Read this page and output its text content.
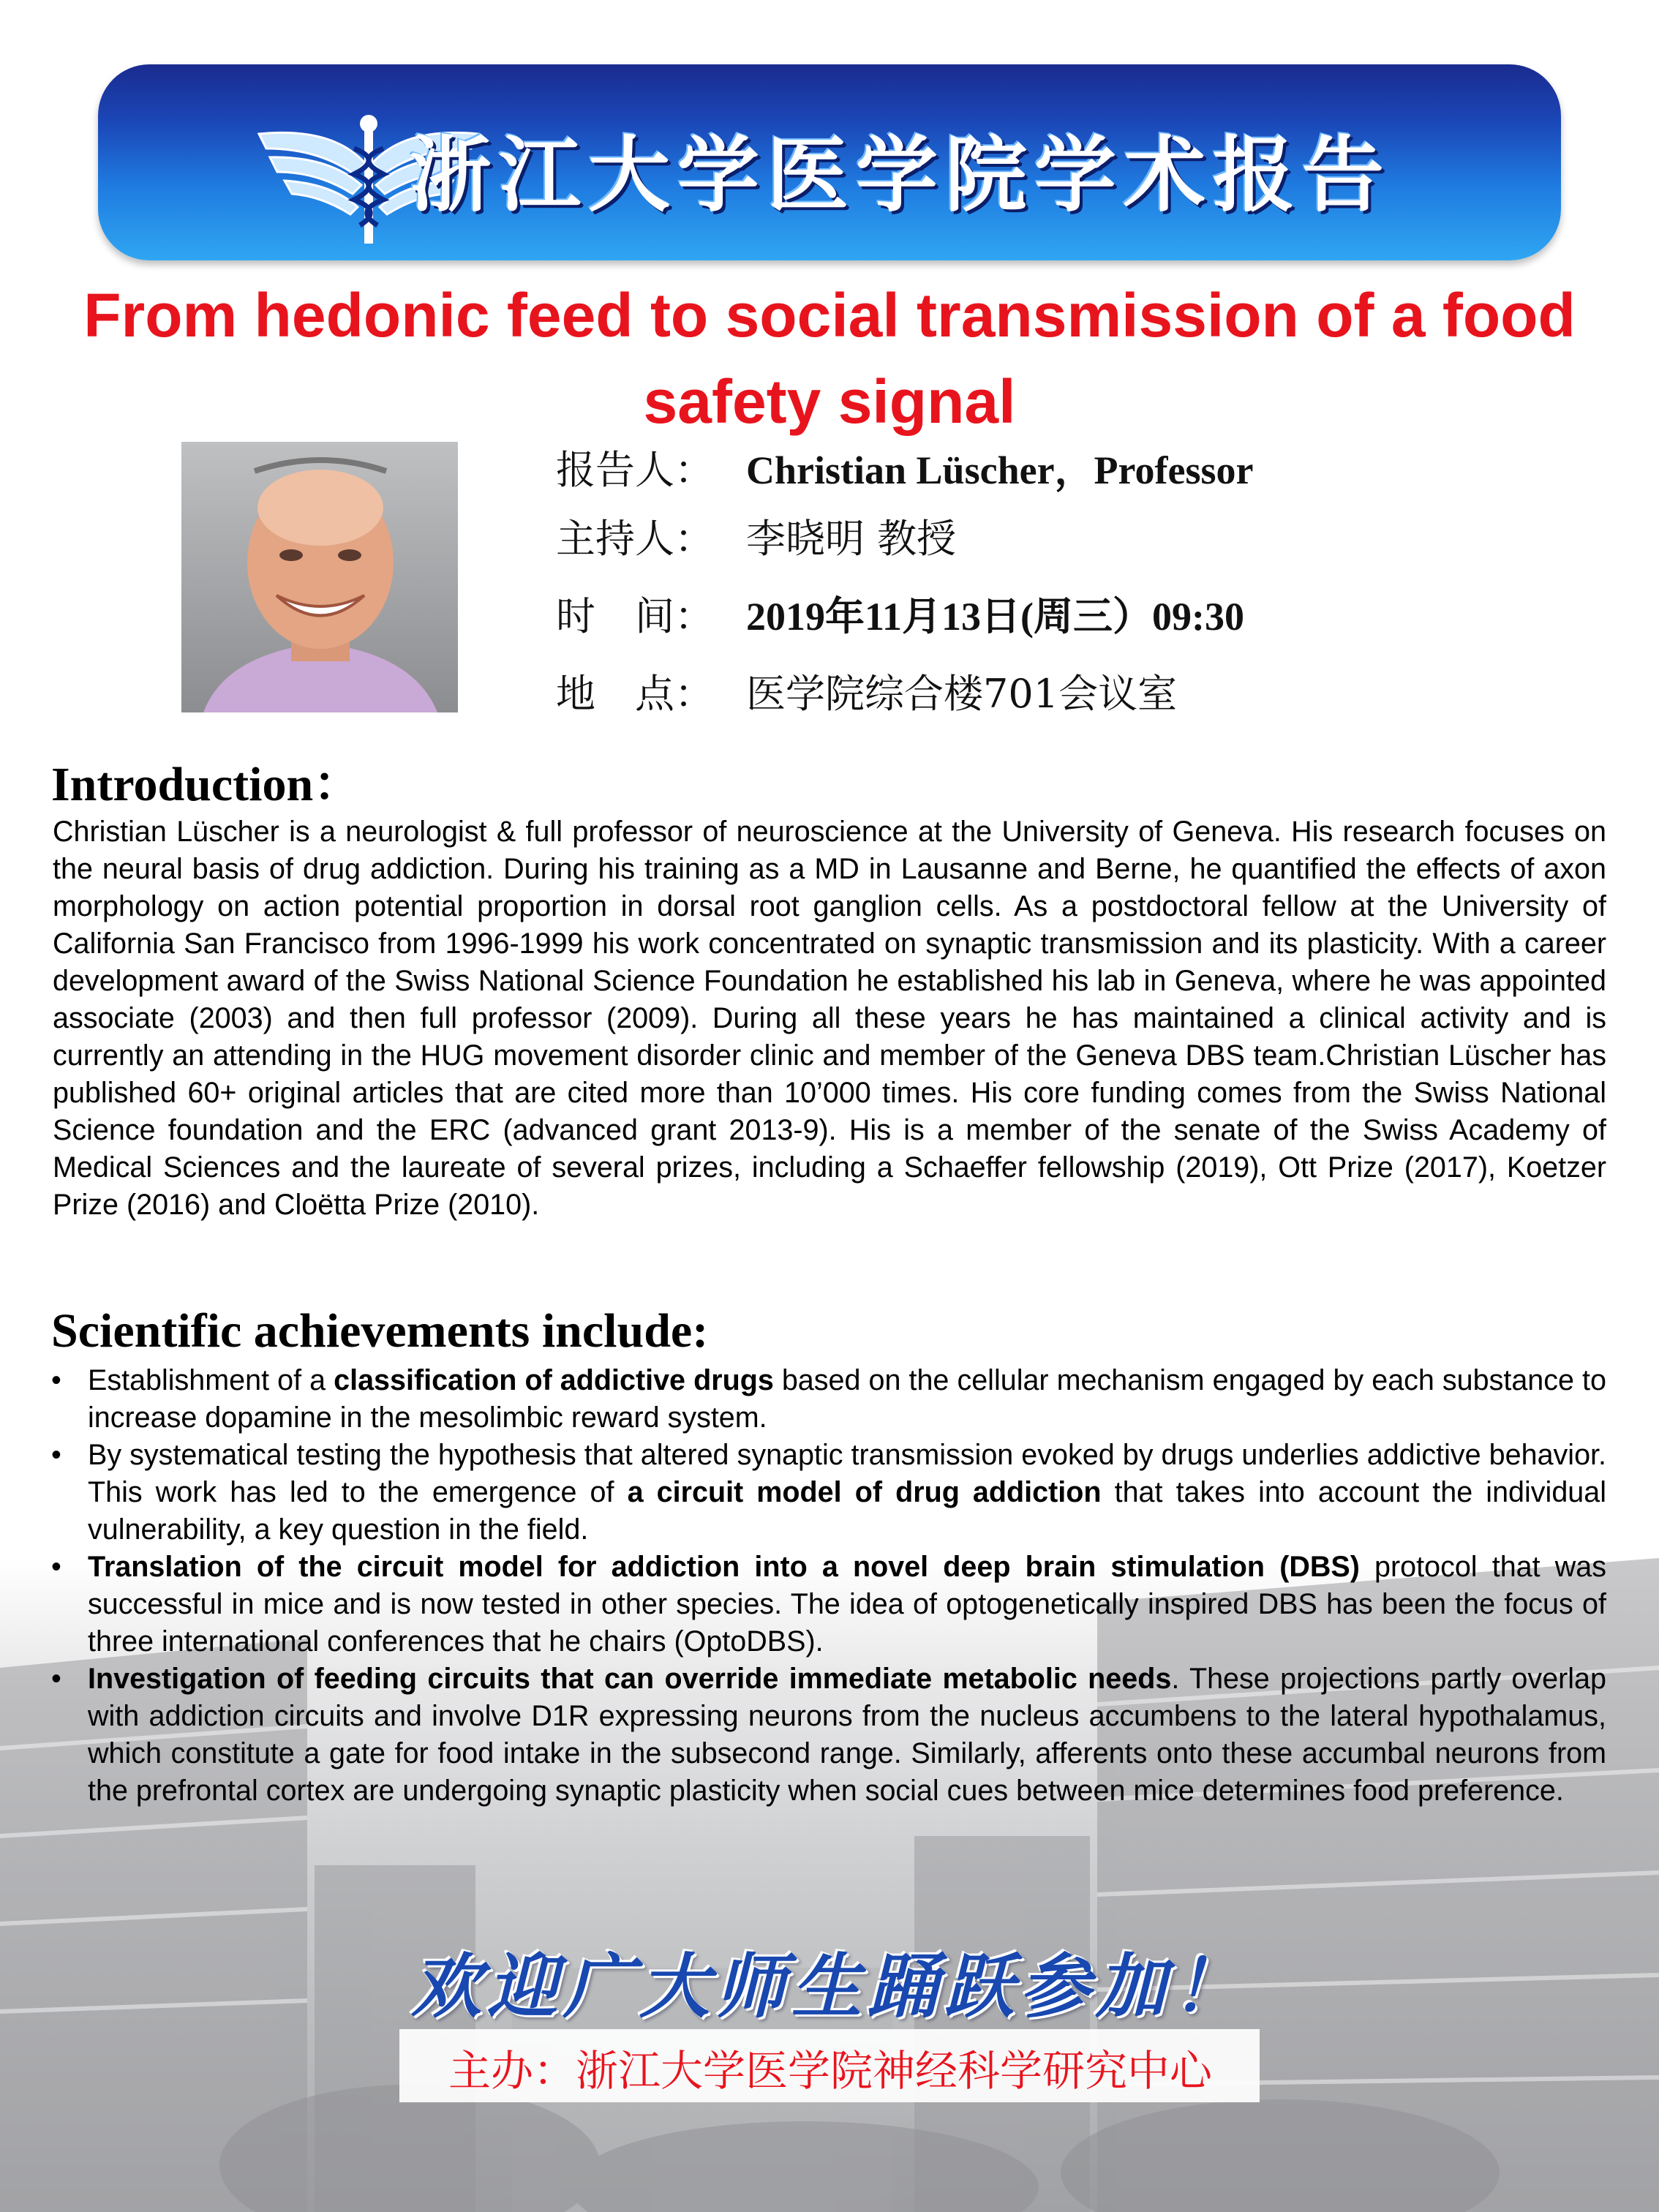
浙江大学医学院学术报告
From hedonic feed to social transmission of a food safety signal
报告人： Christian Lüscher，Professor
主持人： 李晓明 教授
时　间： 2019年11月13日(周三）09:30
地　点： 医学院综合楼701会议室
Introduction：
Christian Lüscher is a neurologist & full professor of neuroscience at the University of Geneva. His research focuses on the neural basis of drug addiction. During his training as a MD in Lausanne and Berne, he quantified the effects of axon morphology on action potential proportion in dorsal root ganglion cells. As a postdoctoral fellow at the University of California San Francisco from 1996-1999 his work concentrated on synaptic transmission and its plasticity. With a career development award of the Swiss National Science Foundation he established his lab in Geneva, where he was appointed associate (2003) and then full professor (2009). During all these years he has maintained a clinical activity and is currently an attending in the HUG movement disorder clinic and member of the Geneva DBS team.Christian Lüscher has published 60+ original articles that are cited more than 10’000 times. His core funding comes from the Swiss National Science foundation and the ERC (advanced grant 2013-9). His is a member of the senate of the Swiss Academy of Medical Sciences and the laureate of several prizes, including a Schaeffer fellowship (2019), Ott Prize (2017), Koetzer Prize (2016) and Cloëtta Prize (2010).
Scientific achievements include:
• Establishment of a classification of addictive drugs based on the cellular mechanism engaged by each substance to increase dopamine in the mesolimbic reward system.
• By systematical testing the hypothesis that altered synaptic transmission evoked by drugs underlies addictive behavior. This work has led to the emergence of a circuit model of drug addiction that takes into account the individual vulnerability, a key question in the field.
• Translation of the circuit model for addiction into a novel deep brain stimulation (DBS) protocol that was successful in mice and is now tested in other species. The idea of optogenetically inspired DBS has been the focus of three international conferences that he chairs (OptoDBS).
• Investigation of feeding circuits that can override immediate metabolic needs. These projections partly overlap with addiction circuits and involve D1R expressing neurons from the nucleus accumbens to the lateral hypothalamus, which constitute a gate for food intake in the subsecond range. Similarly, afferents onto these accumbal neurons from the prefrontal cortex are undergoing synaptic plasticity when social cues between mice determines food preference.
欢迎广大师生踊跃参加！
主办：浙江大学医学院神经科学研究中心
